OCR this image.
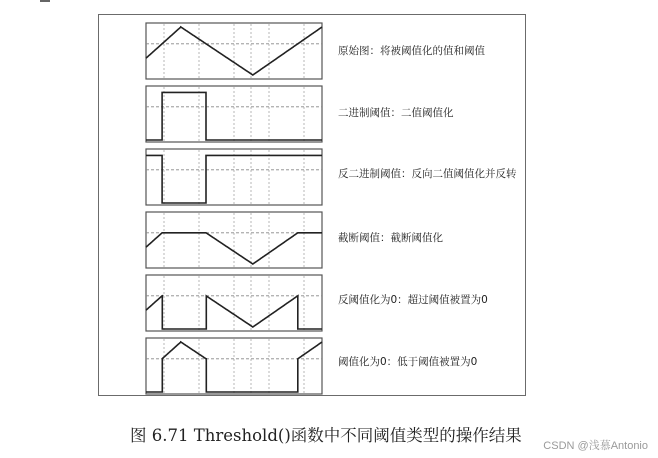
原始图：将被阈值化的值和阈值
二进制阈值：二值阈值化
反二进制阈值：反向二值阈值化并反转
截断阈值：截断阈值化
反阈值化为0：超过阈值被置为0
阈值化为0：低于阈值被置为0
图 6.71 Threshold()函数中不同阈值类型的操作结果
CSDN @浅慕Antonio
